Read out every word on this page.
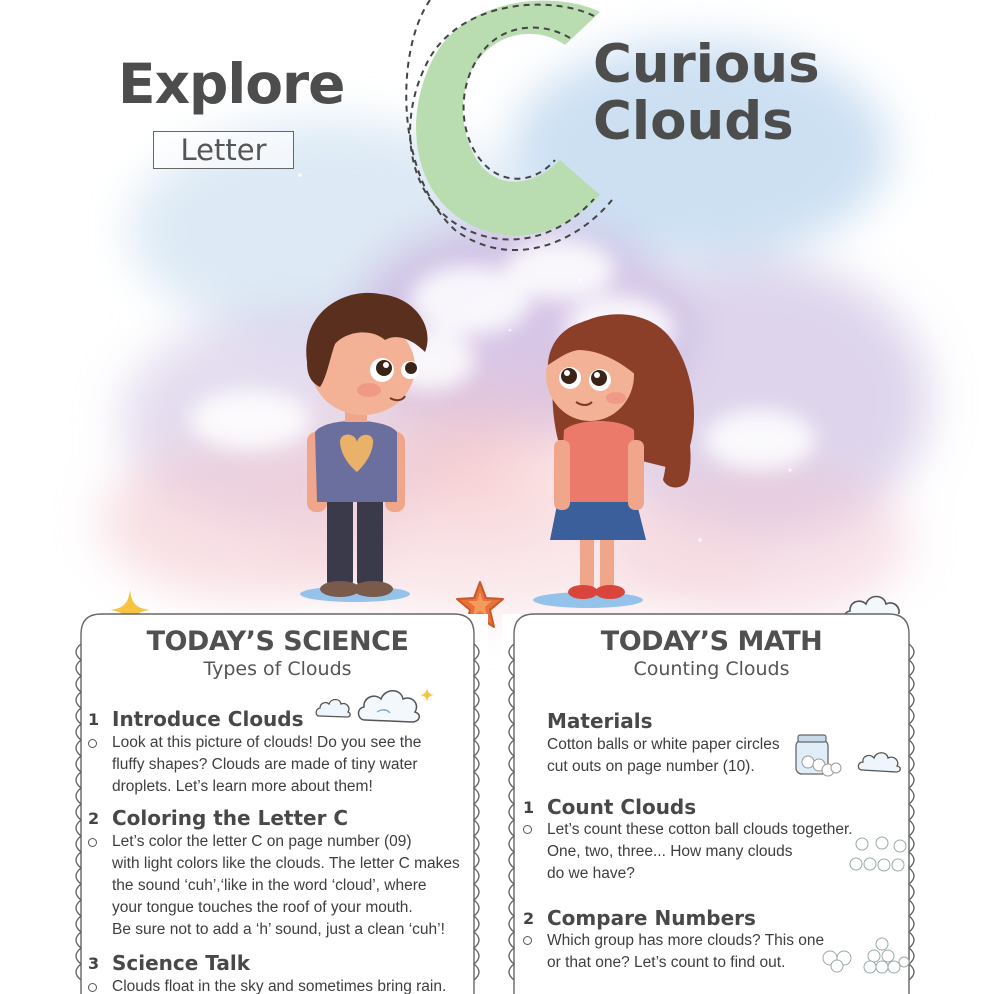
Explore
Letter
Curious
Clouds
TODAY’S SCIENCE
Types of Clouds
1 Introduce Clouds
Look at this picture of clouds! Do you see the
fluffy shapes? Clouds are made of tiny water
droplets. Let’s learn more about them!
2 Coloring the Letter C
Let’s color the letter C on page number (09)
with light colors like the clouds. The letter C makes
the sound ‘cuh’,‘like in the word ‘cloud’, where
your tongue touches the roof of your mouth.
Be sure not to add a ‘h’ sound, just a clean ‘cuh’!
3 Science Talk
Clouds float in the sky and sometimes bring rain.
TODAY’S MATH
Counting Clouds
Materials
Cotton balls or white paper circles
cut outs on page number (10).
1 Count Clouds
Let’s count these cotton ball clouds together.
One, two, three... How many clouds
do we have?
2 Compare Numbers
Which group has more clouds? This one
or that one? Let’s count to find out.
